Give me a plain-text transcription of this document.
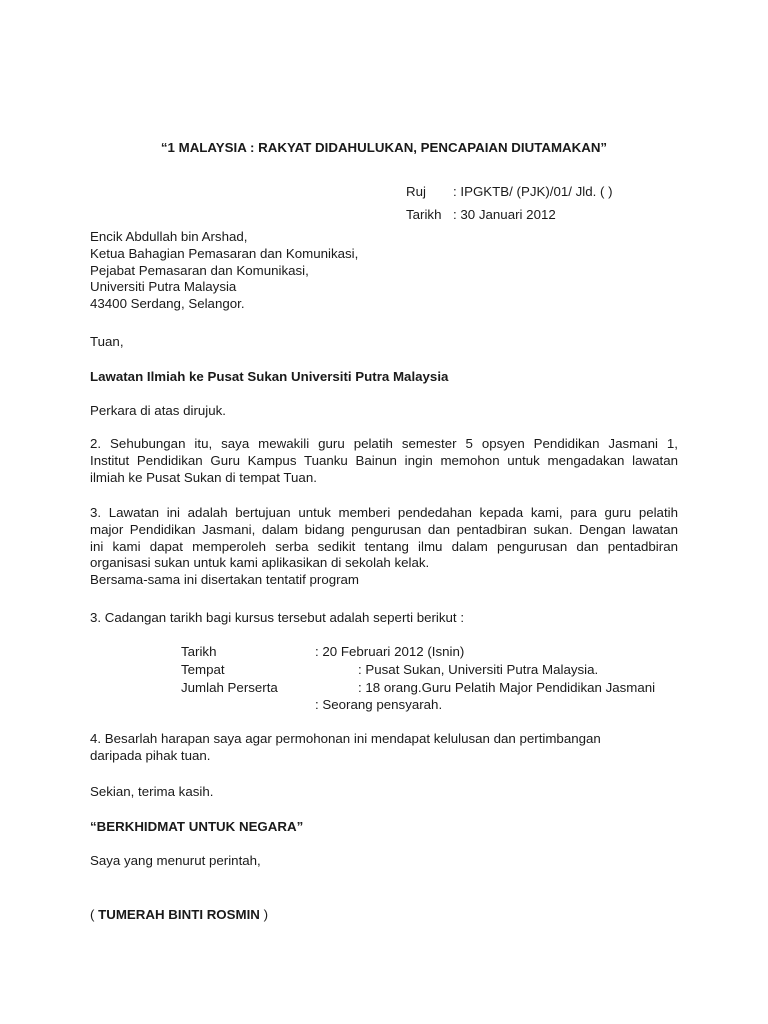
“1 MALAYSIA : RAKYAT DIDAHULUKAN, PENCAPAIAN DIUTAMAKAN”
Ruj : IPGKTB/ (PJK)/01/ Jld. ( )
Tarikh : 30 Januari 2012
Encik Abdullah bin Arshad,
Ketua Bahagian Pemasaran dan Komunikasi,
Pejabat Pemasaran dan Komunikasi,
Universiti Putra Malaysia
43400 Serdang, Selangor.
Tuan,
Lawatan Ilmiah ke Pusat Sukan Universiti Putra Malaysia
Perkara di atas dirujuk.
2. Sehubungan itu, saya mewakili guru pelatih semester 5 opsyen Pendidikan Jasmani 1,
Institut Pendidikan Guru Kampus Tuanku Bainun ingin memohon untuk mengadakan lawatan
ilmiah ke Pusat Sukan di tempat Tuan.
3. Lawatan ini adalah bertujuan untuk memberi pendedahan kepada kami, para guru pelatih
major Pendidikan Jasmani, dalam bidang pengurusan dan pentadbiran sukan. Dengan lawatan
ini kami dapat memperoleh serba sedikit tentang ilmu dalam pengurusan dan pentadbiran
organisasi sukan untuk kami aplikasikan di sekolah kelak.
Bersama-sama ini disertakan tentatif program
3. Cadangan tarikh bagi kursus tersebut adalah seperti berikut :
Tarikh	: 20 Februari 2012 (Isnin)
Tempat	: Pusat Sukan, Universiti Putra Malaysia.
Jumlah Perserta	: 18 orang.Guru Pelatih Major Pendidikan Jasmani
: Seorang pensyarah.
4. Besarlah harapan saya agar permohonan ini mendapat kelulusan dan pertimbangan
daripada pihak tuan.
Sekian, terima kasih.
“BERKHIDMAT UNTUK NEGARA”
Saya yang menurut perintah,
( TUMERAH BINTI ROSMIN )
